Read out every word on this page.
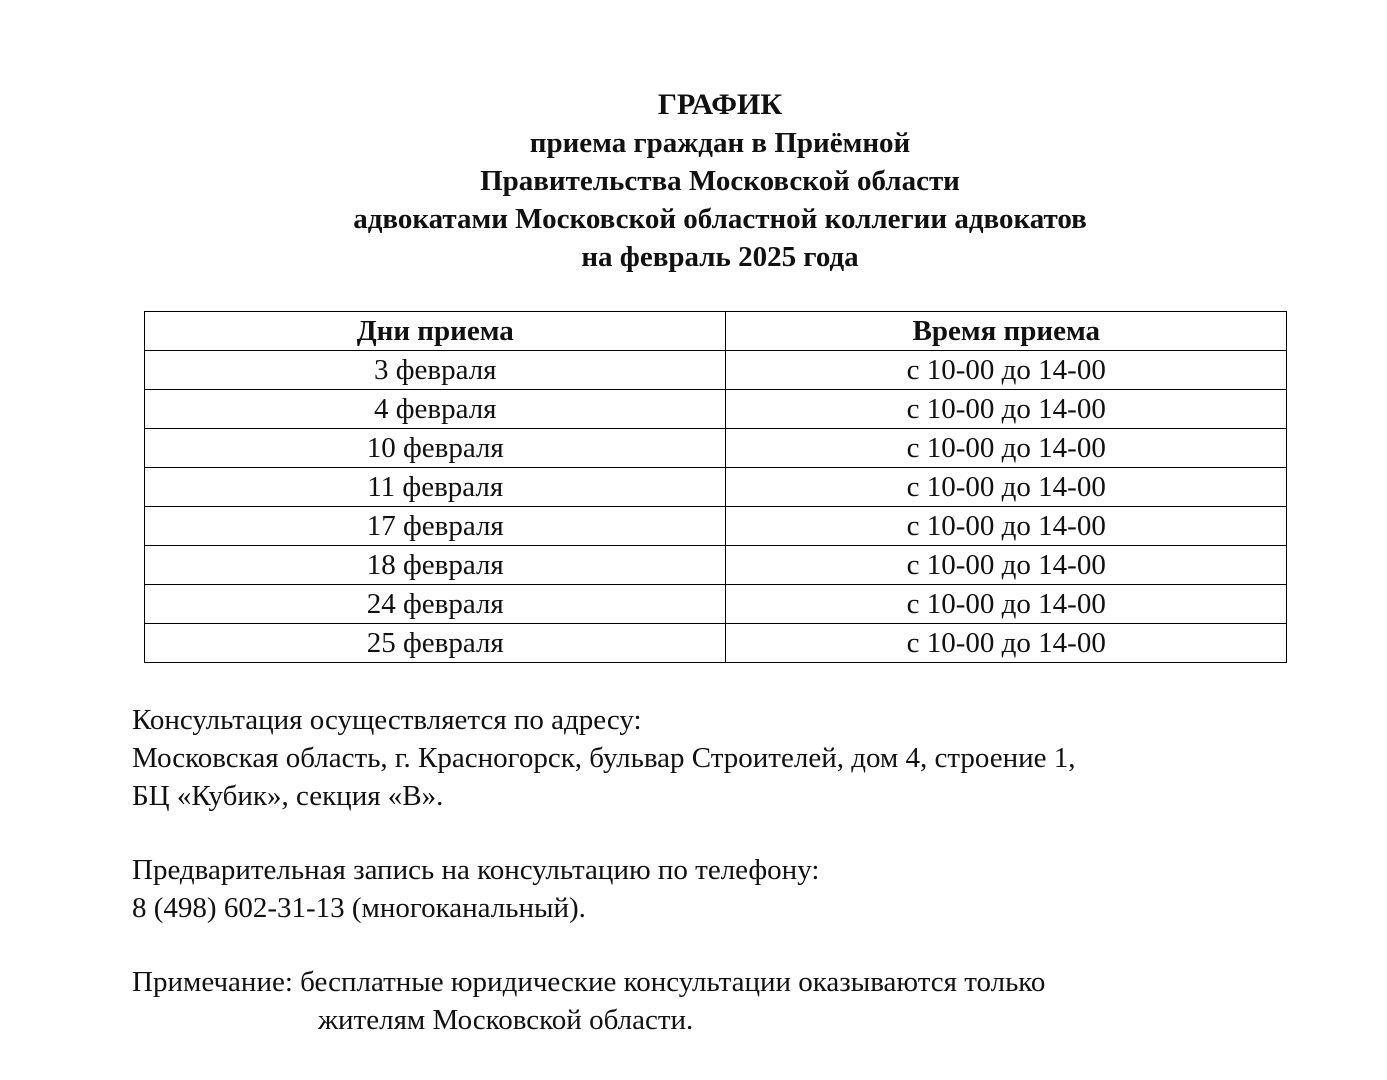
ГРАФИК
приема граждан в Приёмной
Правительства Московской области
адвокатами Московской областной коллегии адвокатов
на февраль 2025 года
Дни приема	Время приема
3 февраля	с 10-00 до 14-00
4 февраля	с 10-00 до 14-00
10 февраля	с 10-00 до 14-00
11 февраля	с 10-00 до 14-00
17 февраля	с 10-00 до 14-00
18 февраля	с 10-00 до 14-00
24 февраля	с 10-00 до 14-00
25 февраля	с 10-00 до 14-00
Консультация осуществляется по адресу:
Московская область, г. Красногорск, бульвар Строителей, дом 4, строение 1,
БЦ «Кубик», секция «В».
Предварительная запись на консультацию по телефону:
8 (498) 602-31-13 (многоканальный).
Примечание: бесплатные юридические консультации оказываются только
жителям Московской области.
